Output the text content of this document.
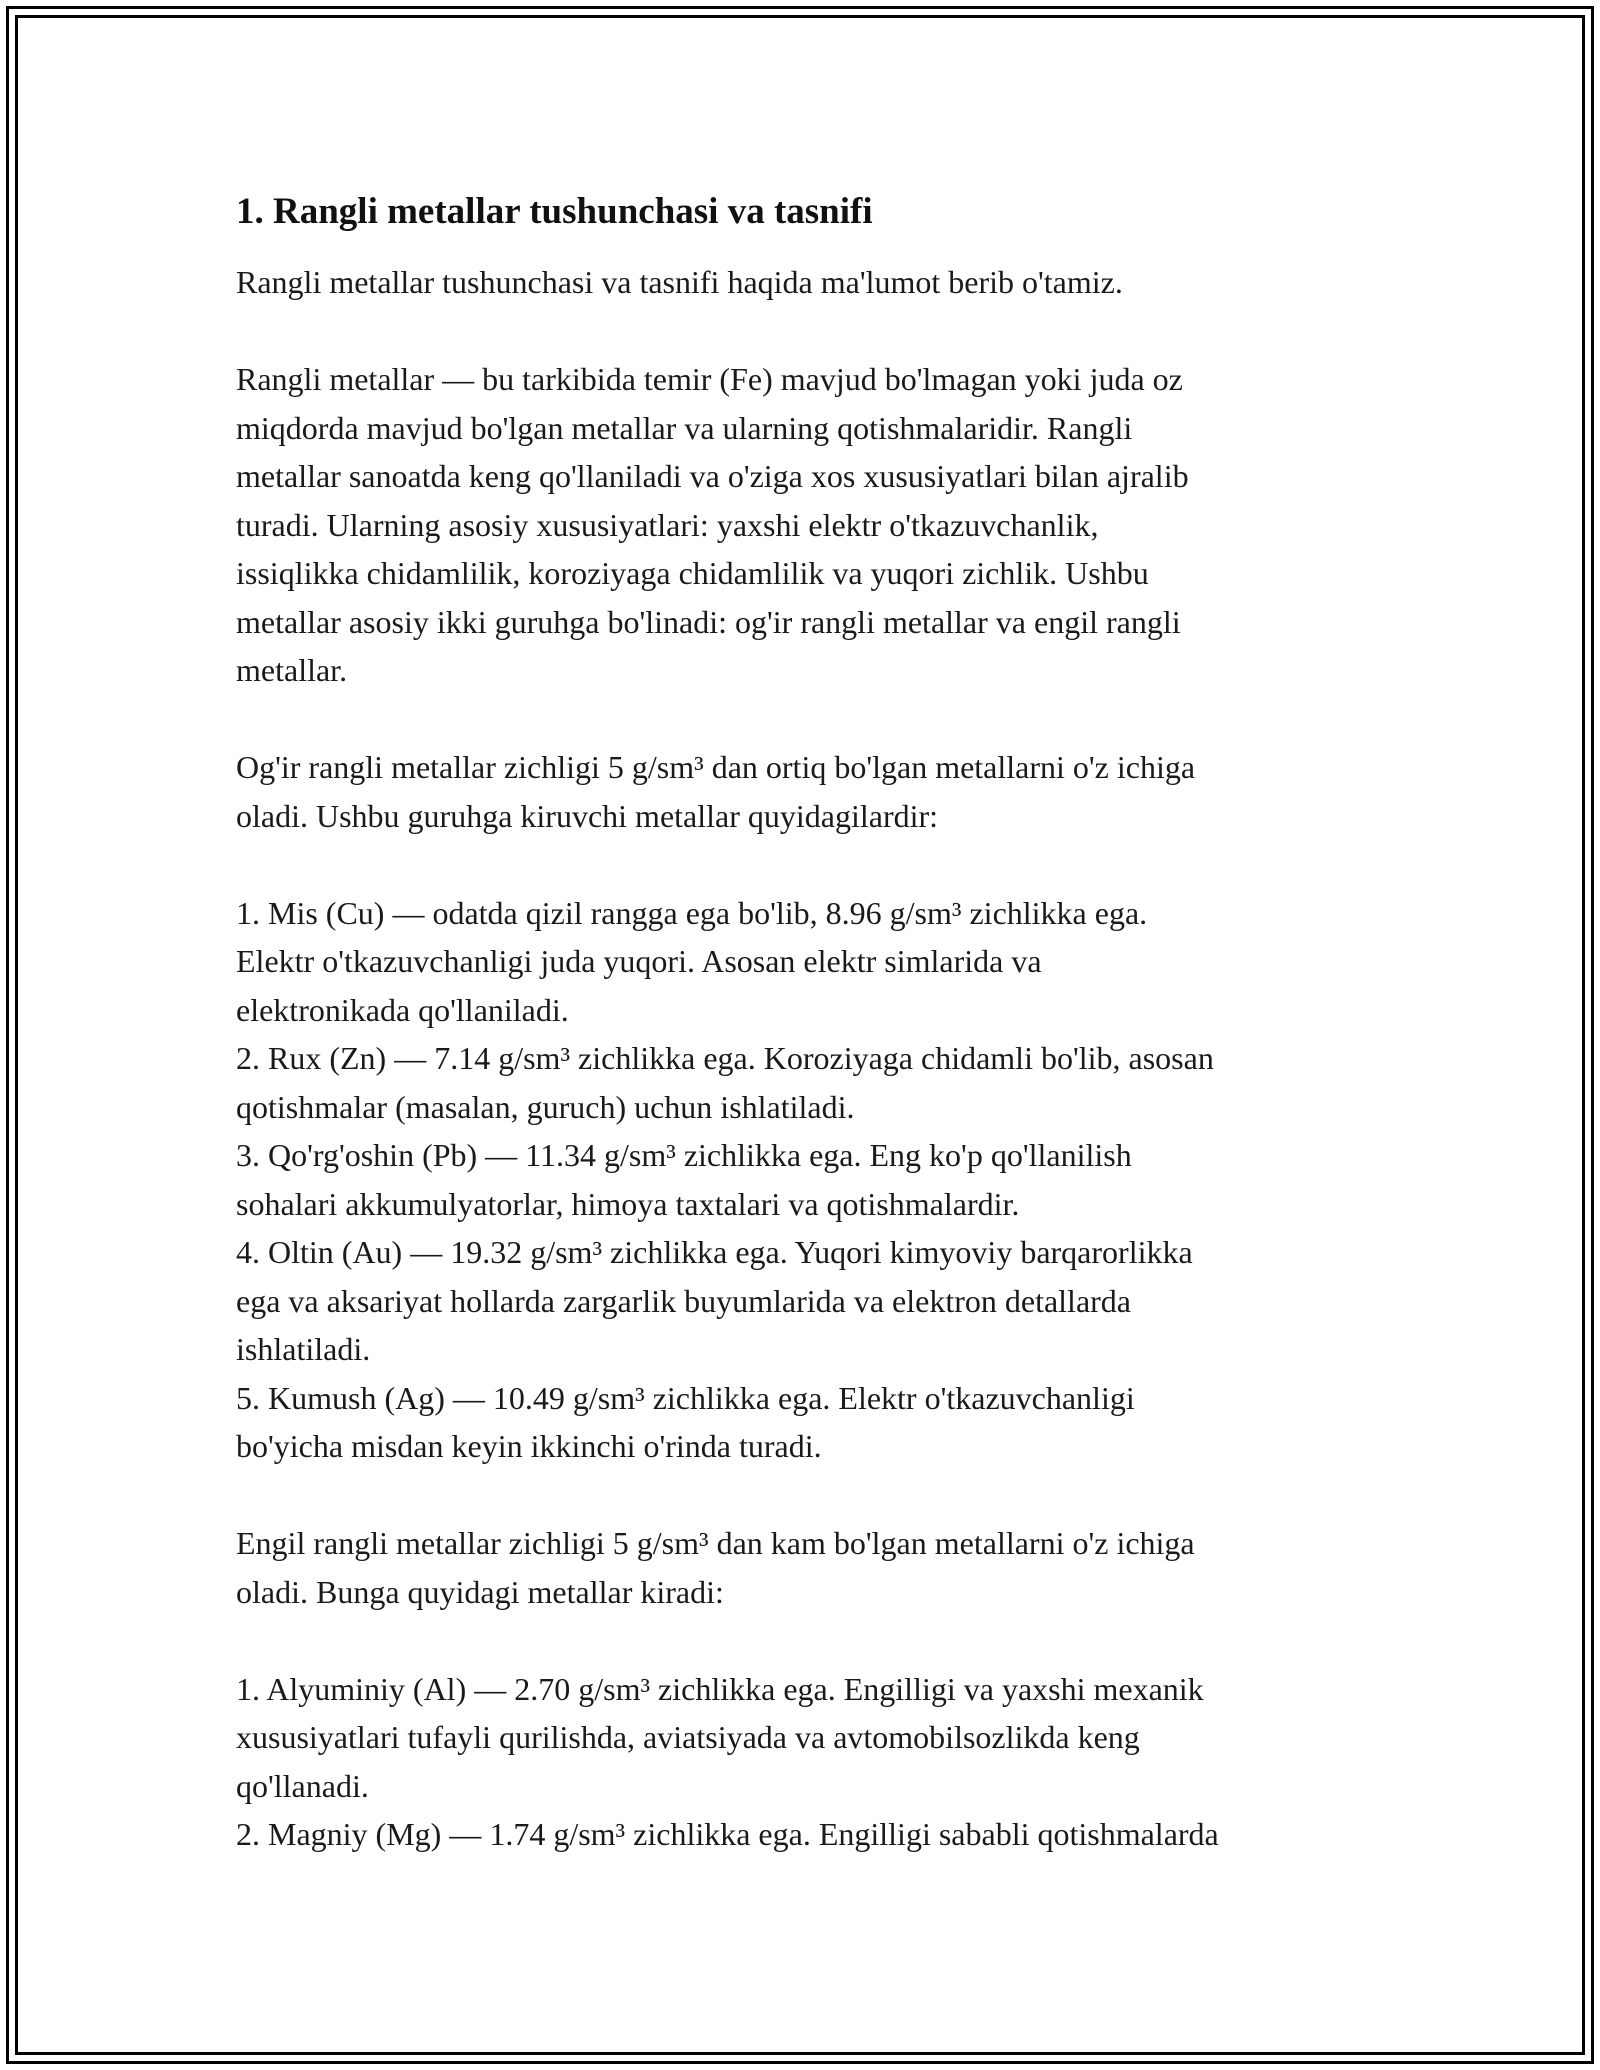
1. Rangli metallar tushunchasi va tasnifi

Rangli metallar tushunchasi va tasnifi haqida ma'lumot berib o'tamiz.

Rangli metallar — bu tarkibida temir (Fe) mavjud bo'lmagan yoki juda oz
miqdorda mavjud bo'lgan metallar va ularning qotishmalaridir. Rangli
metallar sanoatda keng qo'llaniladi va o'ziga xos xususiyatlari bilan ajralib
turadi. Ularning asosiy xususiyatlari: yaxshi elektr o'tkazuvchanlik,
issiqlikka chidamlilik, koroziyaga chidamlilik va yuqori zichlik. Ushbu
metallar asosiy ikki guruhga bo'linadi: og'ir rangli metallar va engil rangli
metallar.
Og'ir rangli metallar zichligi 5 g/sm³ dan ortiq bo'lgan metallarni o'z ichiga
oladi. Ushbu guruhga kiruvchi metallar quyidagilardir:
1. Mis (Cu) — odatda qizil rangga ega bo'lib, 8.96 g/sm³ zichlikka ega.
Elektr o'tkazuvchanligi juda yuqori. Asosan elektr simlarida va
elektronikada qo'llaniladi.
2. Rux (Zn) — 7.14 g/sm³ zichlikka ega. Koroziyaga chidamli bo'lib, asosan
qotishmalar (masalan, guruch) uchun ishlatiladi.
3. Qo'rg'oshin (Pb) — 11.34 g/sm³ zichlikka ega. Eng ko'p qo'llanilish
sohalari akkumulyatorlar, himoya taxtalari va qotishmalardir.
4. Oltin (Au) — 19.32 g/sm³ zichlikka ega. Yuqori kimyoviy barqarorlikka
ega va aksariyat hollarda zargarlik buyumlarida va elektron detallarda
ishlatiladi.
5. Kumush (Ag) — 10.49 g/sm³ zichlikka ega. Elektr o'tkazuvchanligi
bo'yicha misdan keyin ikkinchi o'rinda turadi.
Engil rangli metallar zichligi 5 g/sm³ dan kam bo'lgan metallarni o'z ichiga
oladi. Bunga quyidagi metallar kiradi:
1. Alyuminiy (Al) — 2.70 g/sm³ zichlikka ega. Engilligi va yaxshi mexanik
xususiyatlari tufayli qurilishda, aviatsiyada va avtomobilsozlikda keng
qo'llanadi.
2. Magniy (Mg) — 1.74 g/sm³ zichlikka ega. Engilligi sababli qotishmalarda
